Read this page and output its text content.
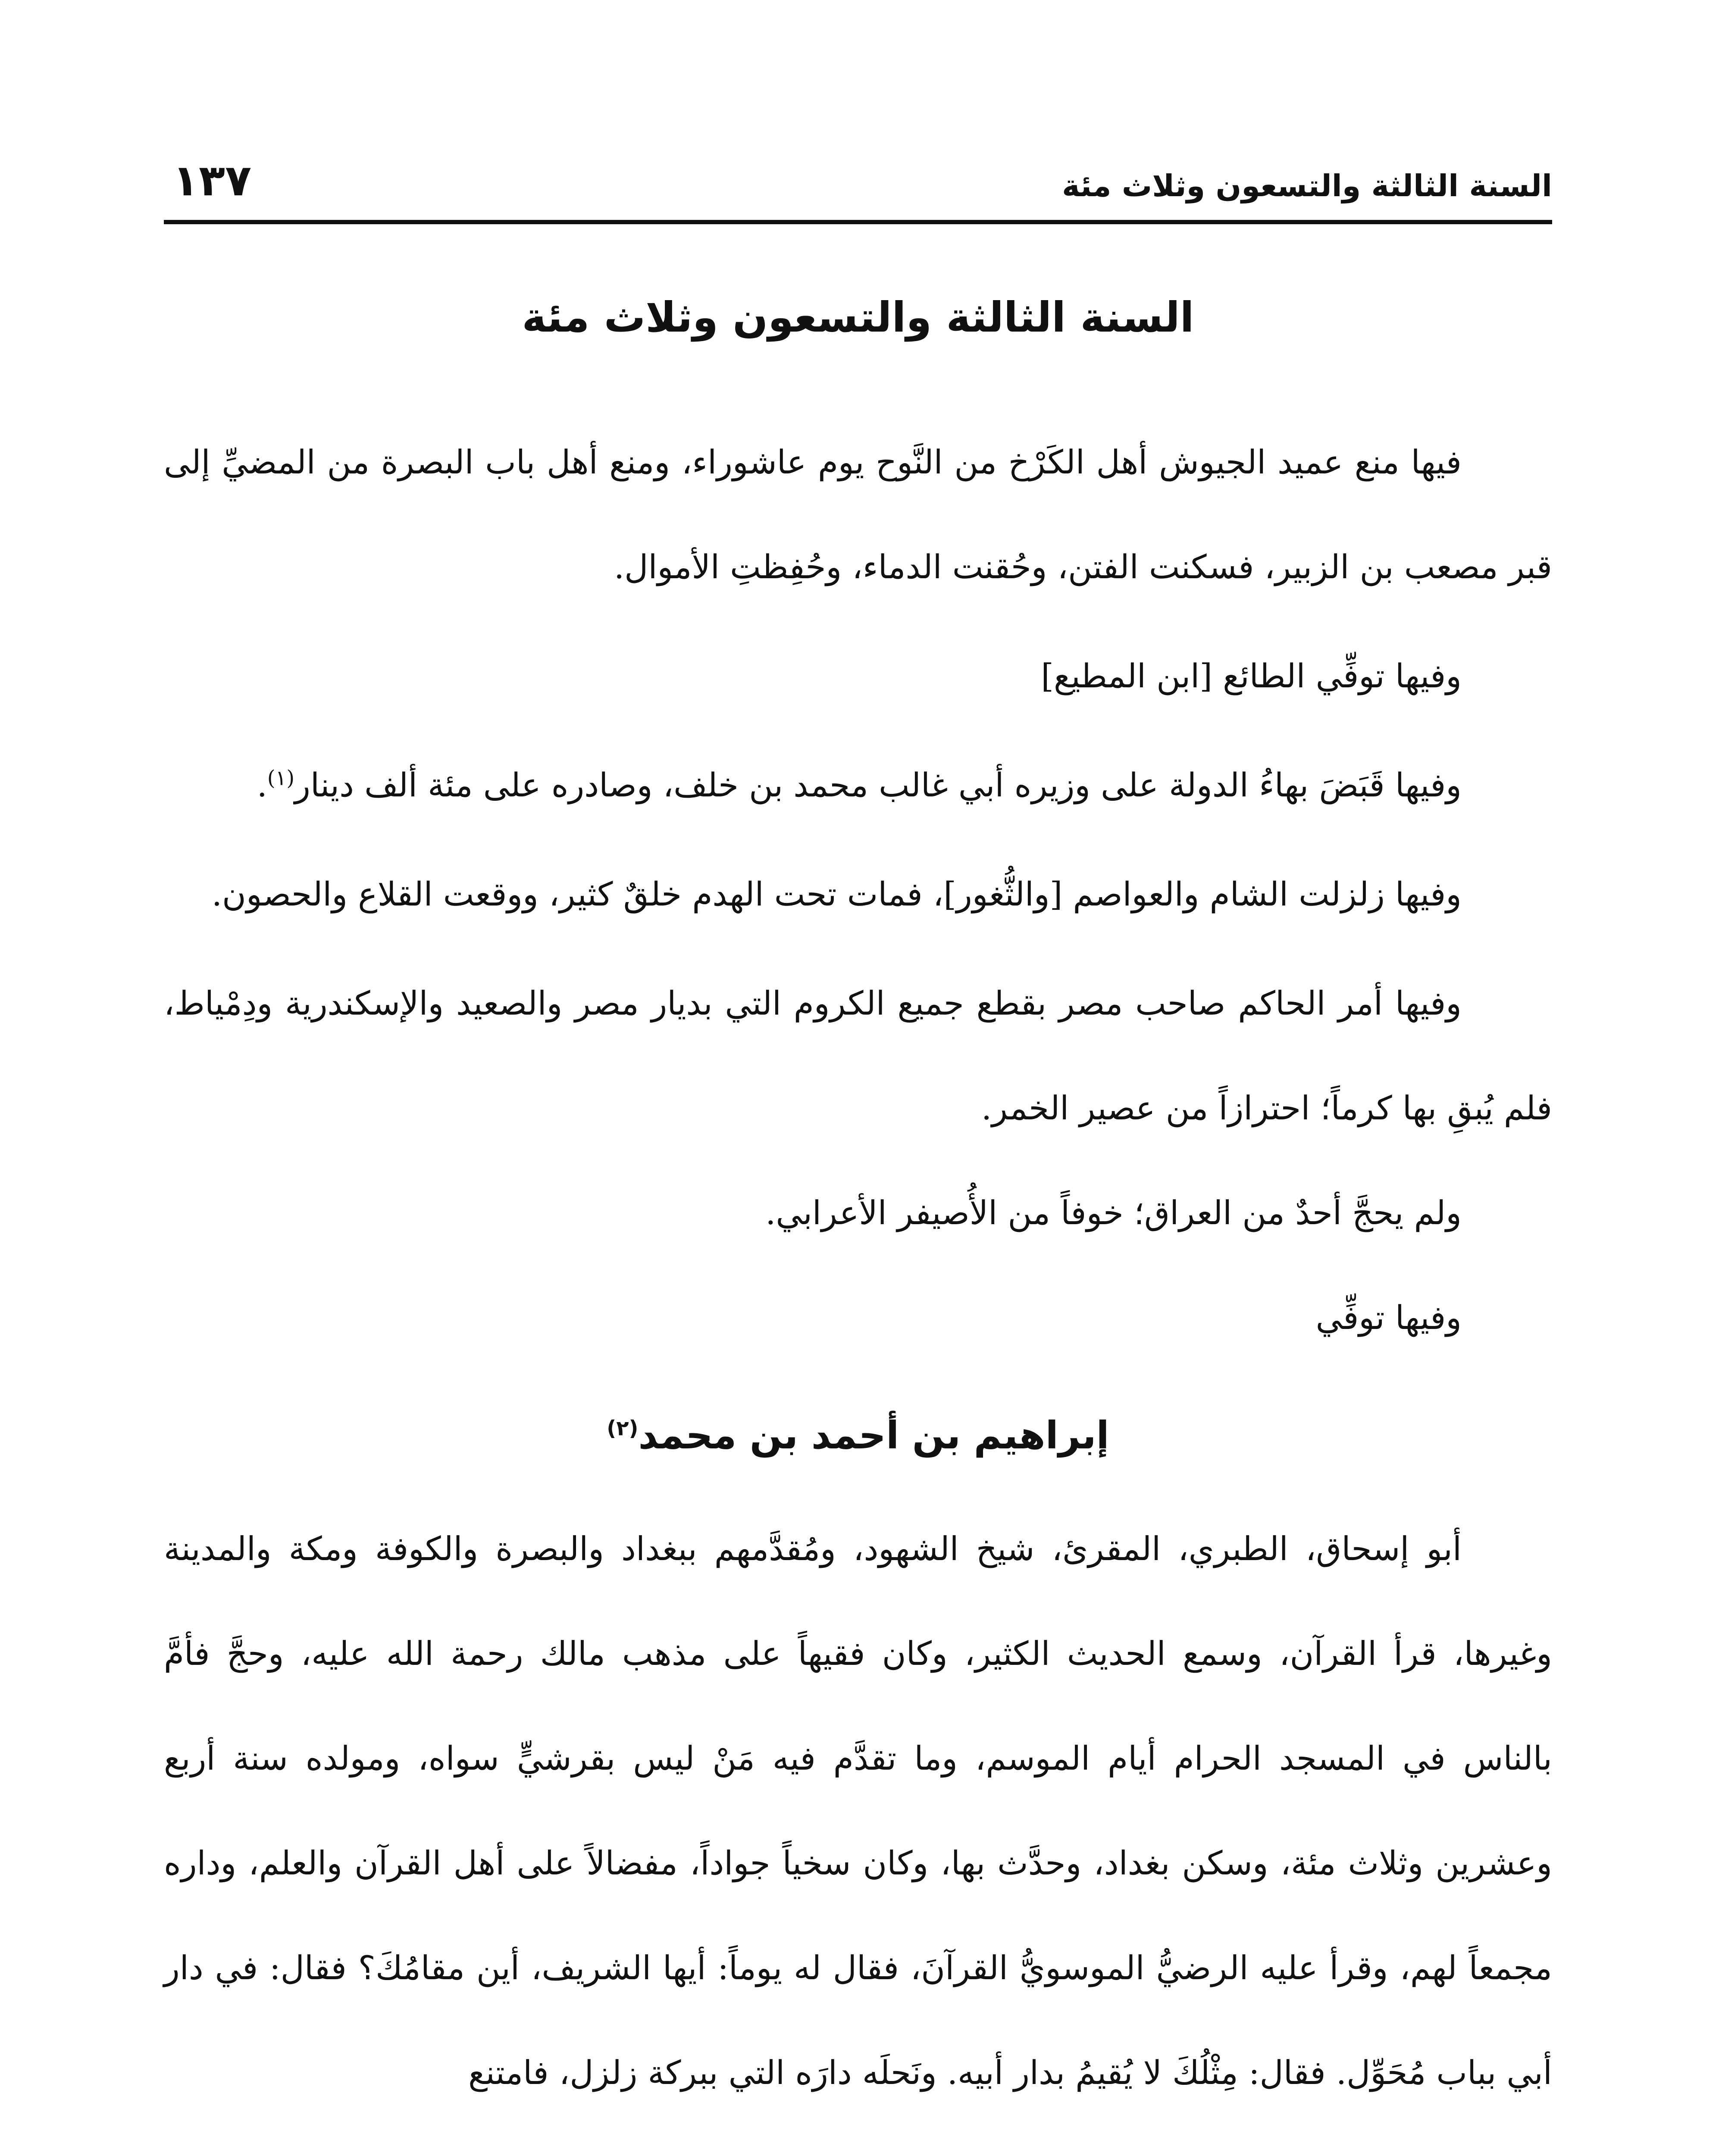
السنة الثالثة والتسعون وثلاث مئة
١٣٧
السنة الثالثة والتسعون وثلاث مئة

فيها منع عميد الجيوش أهل الكَرْخ من النَّوح يوم عاشوراء، ومنع أهل باب البصرة من المضيِّ إلى قبر مصعب بن الزبير، فسكنت الفتن، وحُقنت الدماء، وحُفِظتِ الأموال.

وفيها توفِّي الطائع [ابن المطيع]

وفيها قَبَضَ بهاءُ الدولة على وزيره أبي غالب محمد بن خلف، وصادره على مئة ألف دينار$^{(١)}$.

وفيها زلزلت الشام والعواصم [والثُّغور]، فمات تحت الهدم خلقٌ كثير، ووقعت القلاع والحصون.

وفيها أمر الحاكم صاحب مصر بقطع جميع الكروم التي بديار مصر والصعيد والإسكندرية ودِمْياط، فلم يُبقِ بها كرماً؛ احترازاً من عصير الخمر.

ولم يحجَّ أحدٌ من العراق؛ خوفاً من الأُصيفر الأعرابي.

وفيها توفِّي

إبراهيم بن أحمد بن محمد$^{(٢)}$

أبو إسحاق، الطبري، المقرئ، شيخ الشهود، ومُقدَّمهم ببغداد والبصرة والكوفة ومكة والمدينة وغيرها، قرأ القرآن، وسمع الحديث الكثير، وكان فقيهاً على مذهب مالك رحمة الله عليه، وحجَّ فأمَّ بالناس في المسجد الحرام أيام الموسم، وما تقدَّم فيه مَنْ ليس بقرشيٍّ سواه، ومولده سنة أربع وعشرين وثلاث مئة، وسكن بغداد، وحدَّث بها، وكان سخياً جواداً، مفضالاً على أهل القرآن والعلم، وداره مجمعاً لهم، وقرأ عليه الرضيُّ الموسويُّ القرآنَ، فقال له يوماً: أيها الشريف، أين مقامُكَ؟ فقال: في دار أبي بباب مُحَوِّل. فقال: مِثْلُكَ لا يُقيمُ بدار أبيه. ونَحلَه دارَه التي ببركة زلزل، فامتنع
